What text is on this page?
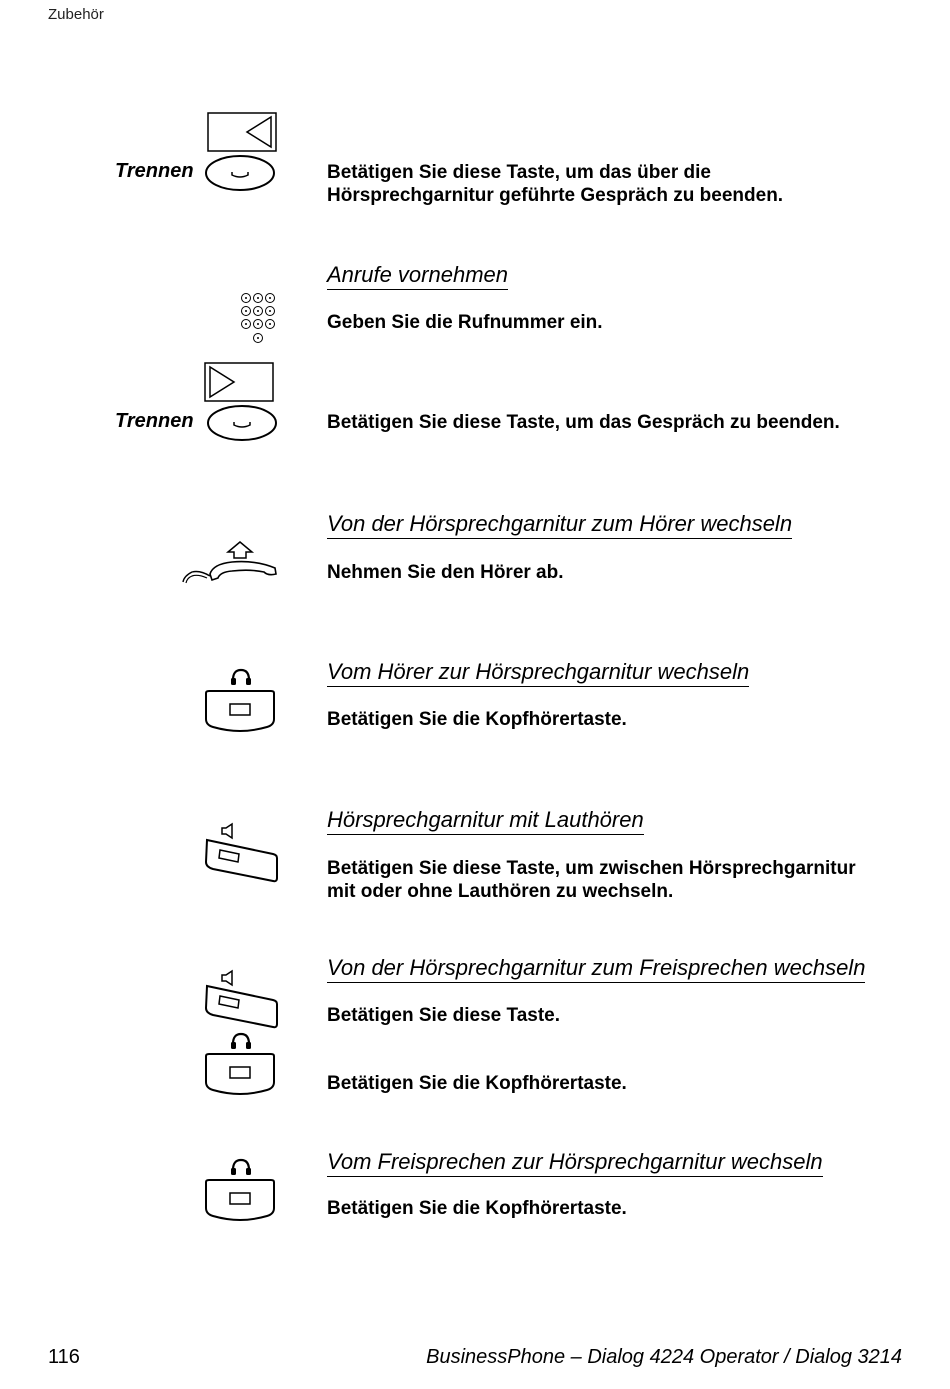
Zubehör
Trennen	Betätigen Sie diese Taste, um das über die
Hörsprechgarnitur geführte Gespräch zu beenden.
Anrufe vornehmen
Geben Sie die Rufnummer ein.
Trennen	Betätigen Sie diese Taste, um das Gespräch zu beenden.
Von der Hörsprechgarnitur zum Hörer wechseln
Nehmen Sie den Hörer ab.
Vom Hörer zur Hörsprechgarnitur wechseln
Betätigen Sie die Kopfhörertaste.
Hörsprechgarnitur mit Lauthören
Betätigen Sie diese Taste, um zwischen Hörsprechgarnitur
mit oder ohne Lauthören zu wechseln.
Von der Hörsprechgarnitur zum Freisprechen wechseln
Betätigen Sie diese Taste.
Betätigen Sie die Kopfhörertaste.
Vom Freisprechen zur Hörsprechgarnitur wechseln
Betätigen Sie die Kopfhörertaste.
116	BusinessPhone – Dialog 4224 Operator / Dialog 3214
